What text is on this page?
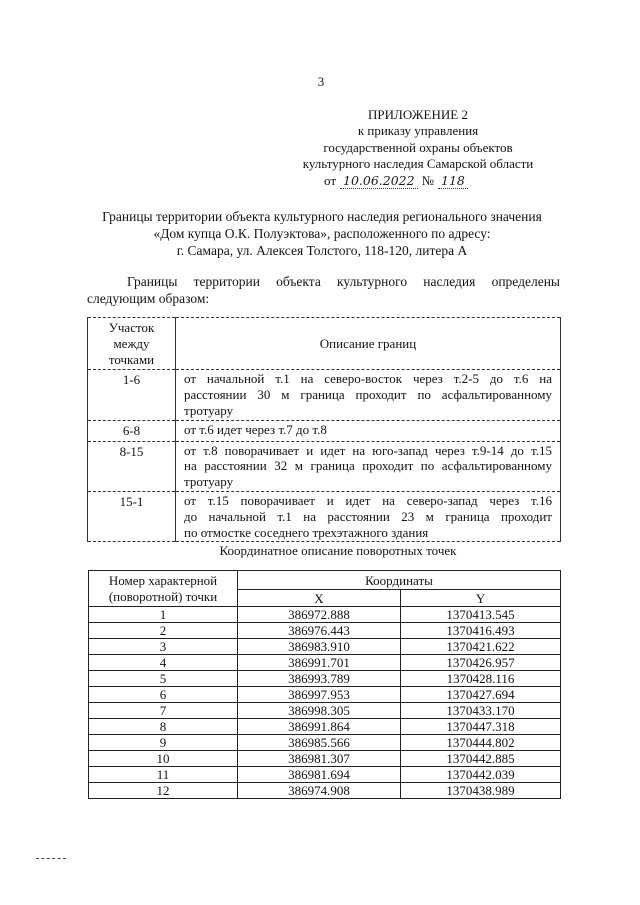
3
ПРИЛОЖЕНИЕ 2
к приказу управления
государственной охраны объектов
культурного наследия Самарской области
от 10.06.2022 № 118
Границы территории объекта культурного наследия регионального значения
«Дом купца О.К. Полуэктова», расположенного по адресу:
г. Самара, ул. Алексея Толстого, 118-120, литера А
Границы территории объекта культурного наследия определены
следующим образом:
Участок
между
точками	Описание границ
1-6	от начальной т.1 на северо-восток через т.2-5 до т.6 на
расстоянии 30 м граница проходит по асфальтированному
тротуару

6-8	от т.6 идет через т.7 до т.8

8-15	от т.8 поворачивает и идет на юго-запад через т.9-14 до т.15
на расстоянии 32 м граница проходит по асфальтированному
тротуару

15-1	от т.15 поворачивает и идет на северо-запад через т.16
до начальной т.1 на расстоянии 23 м граница проходит
по отмостке соседнего трехэтажного здания
Координатное описание поворотных точек
Номер характерной
(поворотной) точки	Координаты	
	X	Y
1	386972.888	1370413.545
2	386976.443	1370416.493
3	386983.910	1370421.622
4	386991.701	1370426.957
5	386993.789	1370428.116
6	386997.953	1370427.694
7	386998.305	1370433.170
8	386991.864	1370447.318
9	386985.566	1370444.802
10	386981.307	1370442.885
11	386981.694	1370442.039
12	386974.908	1370438.989
